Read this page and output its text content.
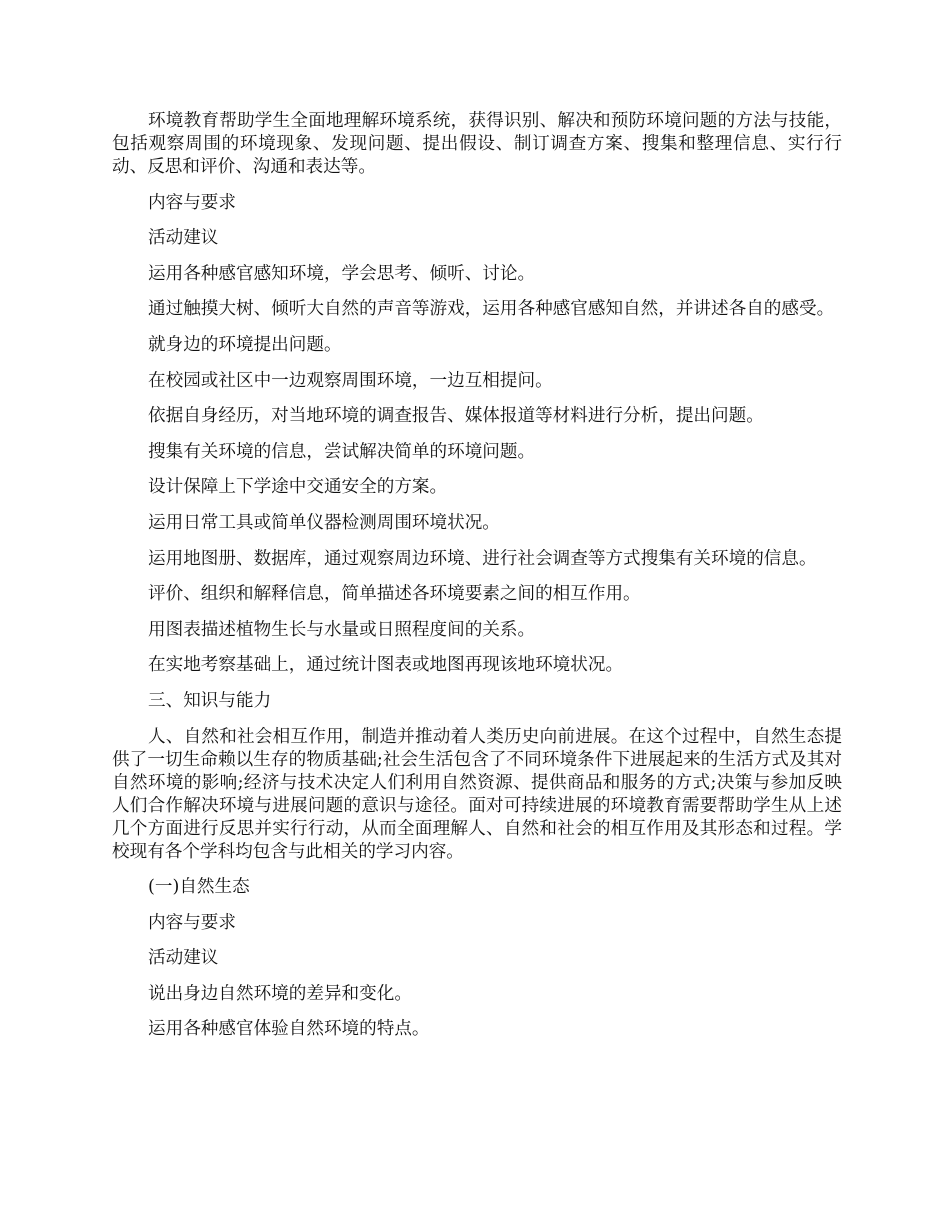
环境教育帮助学生全面地理解环境系统，获得识别、解决和预防环境问题的方法与技能，包括观察周围的环境现象、发现问题、提出假设、制订调查方案、搜集和整理信息、实行行动、反思和评价、沟通和表达等。

内容与要求

活动建议

运用各种感官感知环境，学会思考、倾听、讨论。

通过触摸大树、倾听大自然的声音等游戏，运用各种感官感知自然，并讲述各自的感受。

就身边的环境提出问题。

在校园或社区中一边观察周围环境，一边互相提问。

依据自身经历，对当地环境的调查报告、媒体报道等材料进行分析，提出问题。

搜集有关环境的信息，尝试解决简单的环境问题。

设计保障上下学途中交通安全的方案。

运用日常工具或简单仪器检测周围环境状况。

运用地图册、数据库，通过观察周边环境、进行社会调查等方式搜集有关环境的信息。

评价、组织和解释信息，简单描述各环境要素之间的相互作用。

用图表描述植物生长与水量或日照程度间的关系。

在实地考察基础上，通过统计图表或地图再现该地环境状况。

三、知识与能力

人、自然和社会相互作用，制造并推动着人类历史向前进展。在这个过程中，自然生态提供了一切生命赖以生存的物质基础;社会生活包含了不同环境条件下进展起来的生活方式及其对自然环境的影响;经济与技术决定人们利用自然资源、提供商品和服务的方式;决策与参加反映人们合作解决环境与进展问题的意识与途径。面对可持续进展的环境教育需要帮助学生从上述几个方面进行反思并实行行动，从而全面理解人、自然和社会的相互作用及其形态和过程。学校现有各个学科均包含与此相关的学习内容。

(一)自然生态

内容与要求

活动建议

说出身边自然环境的差异和变化。

运用各种感官体验自然环境的特点。
